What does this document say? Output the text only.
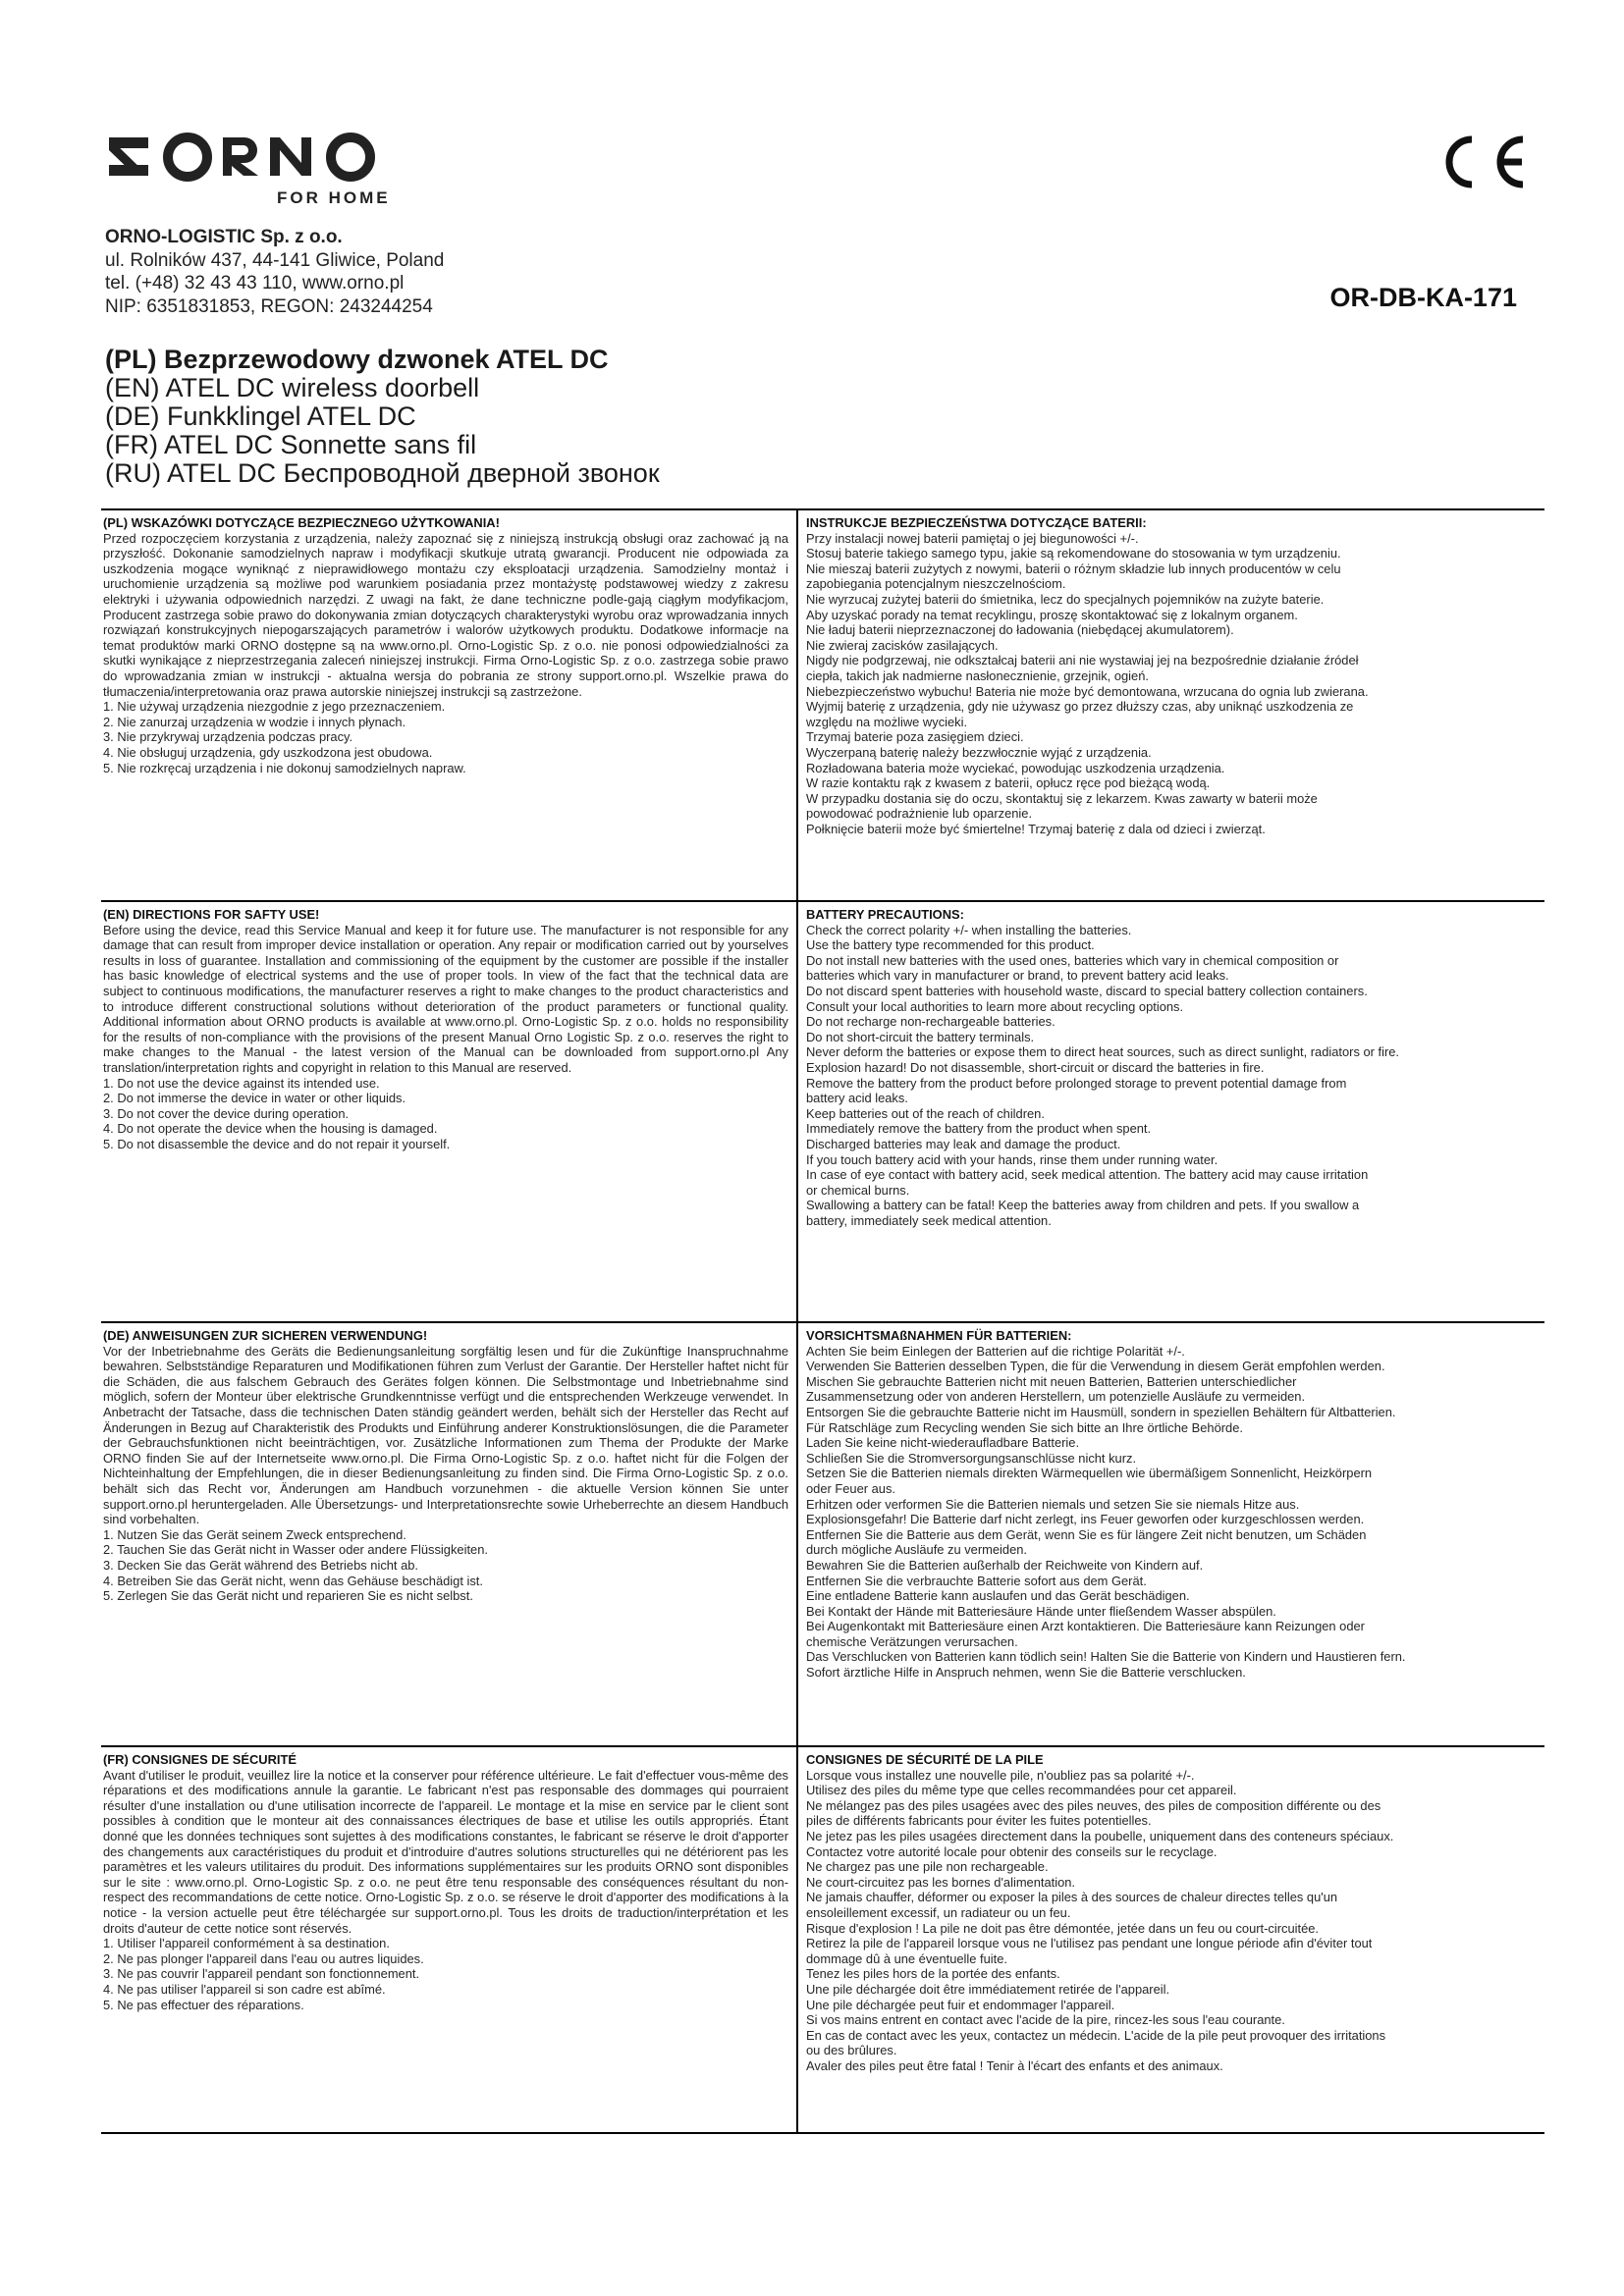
FOR HOME
ORNO-LOGISTIC Sp. z o.o.
ul. Rolników 437, 44-141 Gliwice, Poland
tel. (+48) 32 43 43 110, www.orno.pl
NIP: 6351831853, REGON: 243244254	OR-DB-KA-171
(PL) Bezprzewodowy dzwonek ATEL DC
(EN) ATEL DC wireless doorbell
(DE) Funkklingel ATEL DC
(FR) ATEL DC Sonnette sans fil
(RU) ATEL DC Беспроводной дверной звонок
(PL) WSKAZÓWKI DOTYCZĄCE BEZPIECZNEGO UŻYTKOWANIA!

Przed rozpoczęciem korzystania z urządzenia, należy zapoznać się z niniejszą instrukcją obsługi oraz zachować ją na przyszłość. Dokonanie samodzielnych napraw i modyfikacji skutkuje utratą gwarancji. Producent nie odpowiada za uszkodzenia mogące wyniknąć z nieprawidłowego montażu czy eksploatacji urządzenia. Samodzielny montaż i uruchomienie urządzenia są możliwe pod warunkiem posiadania przez montażystę podstawowej wiedzy z zakresu elektryki i używania odpowiednich narzędzi. Z uwagi na fakt, że dane techniczne podle-gają ciągłym modyfikacjom, Producent zastrzega sobie prawo do dokonywania zmian dotyczących charakterystyki wyrobu oraz wprowadzania innych rozwiązań konstrukcyjnych niepogarszających parametrów i walorów użytkowych produktu. Dodatkowe informacje na temat produktów marki ORNO dostępne są na www.orno.pl. Orno-Logistic Sp. z o.o. nie ponosi odpowiedzialności za skutki wynikające z nieprzestrzegania zaleceń niniejszej instrukcji. Firma Orno-Logistic Sp. z o.o. zastrzega sobie prawo do wprowadzania zmian w instrukcji - aktualna wersja do pobrania ze strony support.orno.pl. Wszelkie prawa do tłumaczenia/interpretowania oraz prawa autorskie niniejszej instrukcji są zastrzeżone.

1. Nie używaj urządzenia niezgodnie z jego przeznaczeniem.
2. Nie zanurzaj urządzenia w wodzie i innych płynach.
3. Nie przykrywaj urządzenia podczas pracy.
4. Nie obsługuj urządzenia, gdy uszkodzona jest obudowa.
5. Nie rozkręcaj urządzenia i nie dokonuj samodzielnych napraw.
INSTRUKCJE BEZPIECZEŃSTWA DOTYCZĄCE BATERII:
Przy instalacji nowej baterii pamiętaj o jej biegunowości +/-.
Stosuj baterie takiego samego typu, jakie są rekomendowane do stosowania w tym urządzeniu.
Nie mieszaj baterii zużytych z nowymi, baterii o różnym składzie lub innych producentów w celu
zapobiegania potencjalnym nieszczelnościom.
Nie wyrzucaj zużytej baterii do śmietnika, lecz do specjalnych pojemników na zużyte baterie.
Aby uzyskać porady na temat recyklingu, proszę skontaktować się z lokalnym organem.
Nie ładuj baterii nieprzeznaczonej do ładowania (niebędącej akumulatorem).
Nie zwieraj zacisków zasilających.
Nigdy nie podgrzewaj, nie odkształcaj baterii ani nie wystawiaj jej na bezpośrednie działanie źródeł
ciepła, takich jak nadmierne nasłonecznienie, grzejnik, ogień.
Niebezpieczeństwo wybuchu! Bateria nie może być demontowana, wrzucana do ognia lub zwierana.
Wyjmij baterię z urządzenia, gdy nie używasz go przez dłuższy czas, aby uniknąć uszkodzenia ze
względu na możliwe wycieki.
Trzymaj baterie poza zasięgiem dzieci.
Wyczerpaną baterię należy bezzwłocznie wyjąć z urządzenia.
Rozładowana bateria może wyciekać, powodując uszkodzenia urządzenia.
W razie kontaktu rąk z kwasem z baterii, opłucz ręce pod bieżącą wodą.
W przypadku dostania się do oczu, skontaktuj się z lekarzem. Kwas zawarty w baterii może
powodować podrażnienie lub oparzenie.
Połknięcie baterii może być śmiertelne! Trzymaj baterię z dala od dzieci i zwierząt.
(EN) DIRECTIONS FOR SAFTY USE!

Before using the device, read this Service Manual and keep it for future use. The manufacturer is not responsible for any damage that can result from improper device installation or operation. Any repair or modification carried out by yourselves results in loss of guarantee. Installation and commissioning of the equipment by the customer are possible if the installer has basic knowledge of electrical systems and the use of proper tools. In view of the fact that the technical data are subject to continuous modifications, the manufacturer reserves a right to make changes to the product characteristics and to introduce different constructional solutions without deterioration of the product parameters or functional quality. Additional information about ORNO products is available at www.orno.pl. Orno-Logistic Sp. z o.o. holds no responsibility for the results of non-compliance with the provisions of the present Manual Orno Logistic Sp. z o.o. reserves the right to make changes to the Manual - the latest version of the Manual can be downloaded from support.orno.pl Any translation/interpretation rights and copyright in relation to this Manual are reserved.

1. Do not use the device against its intended use.
2. Do not immerse the device in water or other liquids.
3. Do not cover the device during operation.
4. Do not operate the device when the housing is damaged.
5. Do not disassemble the device and do not repair it yourself.
BATTERY PRECAUTIONS:
Check the correct polarity +/- when installing the batteries.
Use the battery type recommended for this product.
Do not install new batteries with the used ones, batteries which vary in chemical composition or
batteries which vary in manufacturer or brand, to prevent battery acid leaks.
Do not discard spent batteries with household waste, discard to special battery collection containers.
Consult your local authorities to learn more about recycling options.
Do not recharge non-rechargeable batteries.
Do not short-circuit the battery terminals.
Never deform the batteries or expose them to direct heat sources, such as direct sunlight, radiators or fire.
Explosion hazard! Do not disassemble, short-circuit or discard the batteries in fire.
Remove the battery from the product before prolonged storage to prevent potential damage from
battery acid leaks.
Keep batteries out of the reach of children.
Immediately remove the battery from the product when spent.
Discharged batteries may leak and damage the product.
If you touch battery acid with your hands, rinse them under running water.
In case of eye contact with battery acid, seek medical attention. The battery acid may cause irritation
or chemical burns.
Swallowing a battery can be fatal! Keep the batteries away from children and pets. If you swallow a
battery, immediately seek medical attention.
(DE) ANWEISUNGEN ZUR SICHEREN VERWENDUNG!

Vor der Inbetriebnahme des Geräts die Bedienungsanleitung sorgfältig lesen und für die Zukünftige Inanspruchnahme bewahren. Selbstständige Reparaturen und Modifikationen führen zum Verlust der Garantie. Der Hersteller haftet nicht für die Schäden, die aus falschem Gebrauch des Gerätes folgen können. Die Selbstmontage und Inbetriebnahme sind möglich, sofern der Monteur über elektrische Grundkenntnisse verfügt und die entsprechenden Werkzeuge verwendet. In Anbetracht der Tatsache, dass die technischen Daten ständig geändert werden, behält sich der Hersteller das Recht auf Änderungen in Bezug auf Charakteristik des Produkts und Einführung anderer Konstruktionslösungen, die die Parameter der Gebrauchsfunktionen nicht beeinträchtigen, vor. Zusätzliche Informationen zum Thema der Produkte der Marke ORNO finden Sie auf der Internetseite www.orno.pl. Die Firma Orno-Logistic Sp. z o.o. haftet nicht für die Folgen der Nichteinhaltung der Empfehlungen, die in dieser Bedienungsanleitung zu finden sind. Die Firma Orno-Logistic Sp. z o.o. behält sich das Recht vor, Änderungen am Handbuch vorzunehmen - die aktuelle Version können Sie unter support.orno.pl heruntergeladen. Alle Übersetzungs- und Interpretationsrechte sowie Urheberrechte an diesem Handbuch sind vorbehalten.

1. Nutzen Sie das Gerät seinem Zweck entsprechend.
2. Tauchen Sie das Gerät nicht in Wasser oder andere Flüssigkeiten.
3. Decken Sie das Gerät während des Betriebs nicht ab.
4. Betreiben Sie das Gerät nicht, wenn das Gehäuse beschädigt ist.
5. Zerlegen Sie das Gerät nicht und reparieren Sie es nicht selbst.
VORSICHTSMAßNAHMEN FÜR BATTERIEN:
Achten Sie beim Einlegen der Batterien auf die richtige Polarität +/-.
Verwenden Sie Batterien desselben Typen, die für die Verwendung in diesem Gerät empfohlen werden.
Mischen Sie gebrauchte Batterien nicht mit neuen Batterien, Batterien unterschiedlicher
Zusammensetzung oder von anderen Herstellern, um potenzielle Ausläufe zu vermeiden.
Entsorgen Sie die gebrauchte Batterie nicht im Hausmüll, sondern in speziellen Behältern für Altbatterien.
Für Ratschläge zum Recycling wenden Sie sich bitte an Ihre örtliche Behörde.
Laden Sie keine nicht-wiederaufladbare Batterie.
Schließen Sie die Stromversorgungsanschlüsse nicht kurz.
Setzen Sie die Batterien niemals direkten Wärmequellen wie übermäßigem Sonnenlicht, Heizkörpern
oder Feuer aus.
Erhitzen oder verformen Sie die Batterien niemals und setzen Sie sie niemals Hitze aus.
Explosionsgefahr! Die Batterie darf nicht zerlegt, ins Feuer geworfen oder kurzgeschlossen werden.
Entfernen Sie die Batterie aus dem Gerät, wenn Sie es für längere Zeit nicht benutzen, um Schäden
durch mögliche Ausläufe zu vermeiden.
Bewahren Sie die Batterien außerhalb der Reichweite von Kindern auf.
Entfernen Sie die verbrauchte Batterie sofort aus dem Gerät.
Eine entladene Batterie kann auslaufen und das Gerät beschädigen.
Bei Kontakt der Hände mit Batteriesäure Hände unter fließendem Wasser abspülen.
Bei Augenkontakt mit Batteriesäure einen Arzt kontaktieren. Die Batteriesäure kann Reizungen oder
chemische Verätzungen verursachen.
Das Verschlucken von Batterien kann tödlich sein! Halten Sie die Batterie von Kindern und Haustieren fern.
Sofort ärztliche Hilfe in Anspruch nehmen, wenn Sie die Batterie verschlucken.
(FR) CONSIGNES DE SÉCURITÉ

Avant d'utiliser le produit, veuillez lire la notice et la conserver pour référence ultérieure. Le fait d'effectuer vous-même des réparations et des modifications annule la garantie. Le fabricant n'est pas responsable des dommages qui pourraient résulter d'une installation ou d'une utilisation incorrecte de l'appareil. Le montage et la mise en service par le client sont possibles à condition que le monteur ait des connaissances électriques de base et utilise les outils appropriés. Étant donné que les données techniques sont sujettes à des modifications constantes, le fabricant se réserve le droit d'apporter des changements aux caractéristiques du produit et d'introduire d'autres solutions structurelles qui ne détériorent pas les paramètres et les valeurs utilitaires du produit. Des informations supplémentaires sur les produits ORNO sont disponibles sur le site : www.orno.pl. Orno-Logistic Sp. z o.o. ne peut être tenu responsable des conséquences résultant du non-respect des recommandations de cette notice. Orno-Logistic Sp. z o.o. se réserve le droit d'apporter des modifications à la notice - la version actuelle peut être téléchargée sur support.orno.pl. Tous les droits de traduction/interprétation et les droits d'auteur de cette notice sont réservés.

1. Utiliser l'appareil conformément à sa destination.
2. Ne pas plonger l'appareil dans l'eau ou autres liquides.
3. Ne pas couvrir l'appareil pendant son fonctionnement.
4. Ne pas utiliser l'appareil si son cadre est abîmé.
5. Ne pas effectuer des réparations.
CONSIGNES DE SÉCURITÉ DE LA PILE
Lorsque vous installez une nouvelle pile, n'oubliez pas sa polarité +/-.
Utilisez des piles du même type que celles recommandées pour cet appareil.
Ne mélangez pas des piles usagées avec des piles neuves, des piles de composition différente ou des
piles de différents fabricants pour éviter les fuites potentielles.
Ne jetez pas les piles usagées directement dans la poubelle, uniquement dans des conteneurs spéciaux.
Contactez votre autorité locale pour obtenir des conseils sur le recyclage.
Ne chargez pas une pile non rechargeable.
Ne court-circuitez pas les bornes d'alimentation.
Ne jamais chauffer, déformer ou exposer la piles à des sources de chaleur directes telles qu'un
ensoleillement excessif, un radiateur ou un feu.
Risque d'explosion ! La pile ne doit pas être démontée, jetée dans un feu ou court-circuitée.
Retirez la pile de l'appareil lorsque vous ne l'utilisez pas pendant une longue période afin d'éviter tout
dommage dû à une éventuelle fuite.
Tenez les piles hors de la portée des enfants.
Une pile déchargée doit être immédiatement retirée de l'appareil.
Une pile déchargée peut fuir et endommager l'appareil.
Si vos mains entrent en contact avec l'acide de la pire, rincez-les sous l'eau courante.
En cas de contact avec les yeux, contactez un médecin. L'acide de la pile peut provoquer des irritations
ou des brûlures.
Avaler des piles peut être fatal ! Tenir à l'écart des enfants et des animaux.
